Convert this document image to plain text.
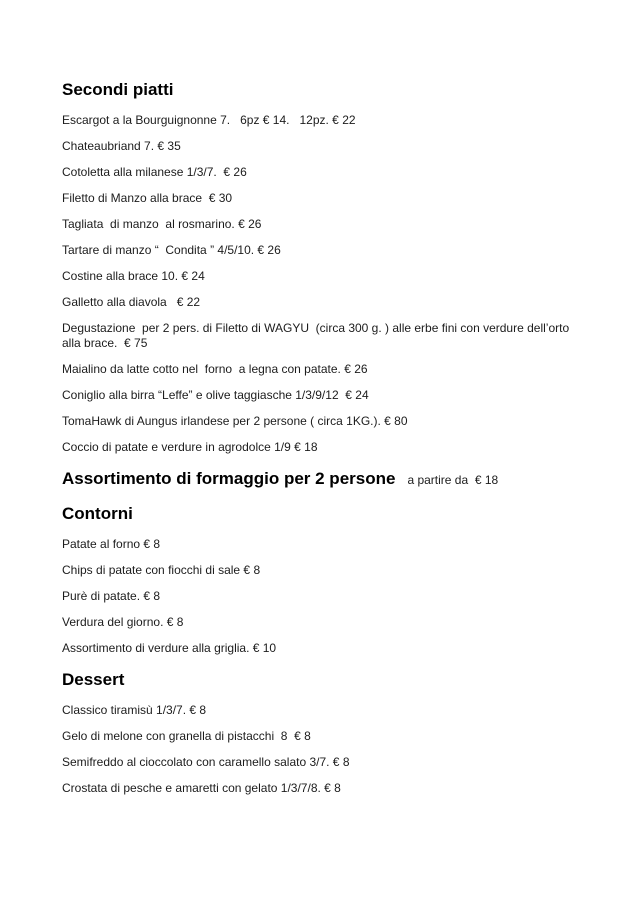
Secondi piatti

Escargot a la Bourguignonne 7.   6pz € 14.   12pz. € 22

Chateaubriand 7. € 35

Cotoletta alla milanese 1/3/7.  € 26

Filetto di Manzo alla brace  € 30

Tagliata  di manzo  al rosmarino. € 26

Tartare di manzo “  Condita ” 4/5/10. € 26

Costine alla brace 10. € 24

Galletto alla diavola   € 22

Degustazione  per 2 pers. di Filetto di WAGYU  (circa 300 g. ) alle erbe fini con verdure dell’orto alla brace.  € 75

Maialino da latte cotto nel  forno  a legna con patate. € 26

Coniglio alla birra “Leffe” e olive taggiasche 1/3/9/12  € 24

TomaHawk di Aungus irlandese per 2 persone ( circa 1KG.). € 80

Coccio di patate e verdure in agrodolce 1/9 € 18

Assortimento di formaggio per 2 persone a partire da  € 18
Contorni

Patate al forno € 8

Chips di patate con fiocchi di sale € 8

Purè di patate. € 8

Verdura del giorno. € 8

Assortimento di verdure alla griglia. € 10

Dessert

Classico tiramisù 1/3/7. € 8

Gelo di melone con granella di pistacchi  8  € 8

Semifreddo al cioccolato con caramello salato 3/7. € 8

Crostata di pesche e amaretti con gelato 1/3/7/8. € 8
